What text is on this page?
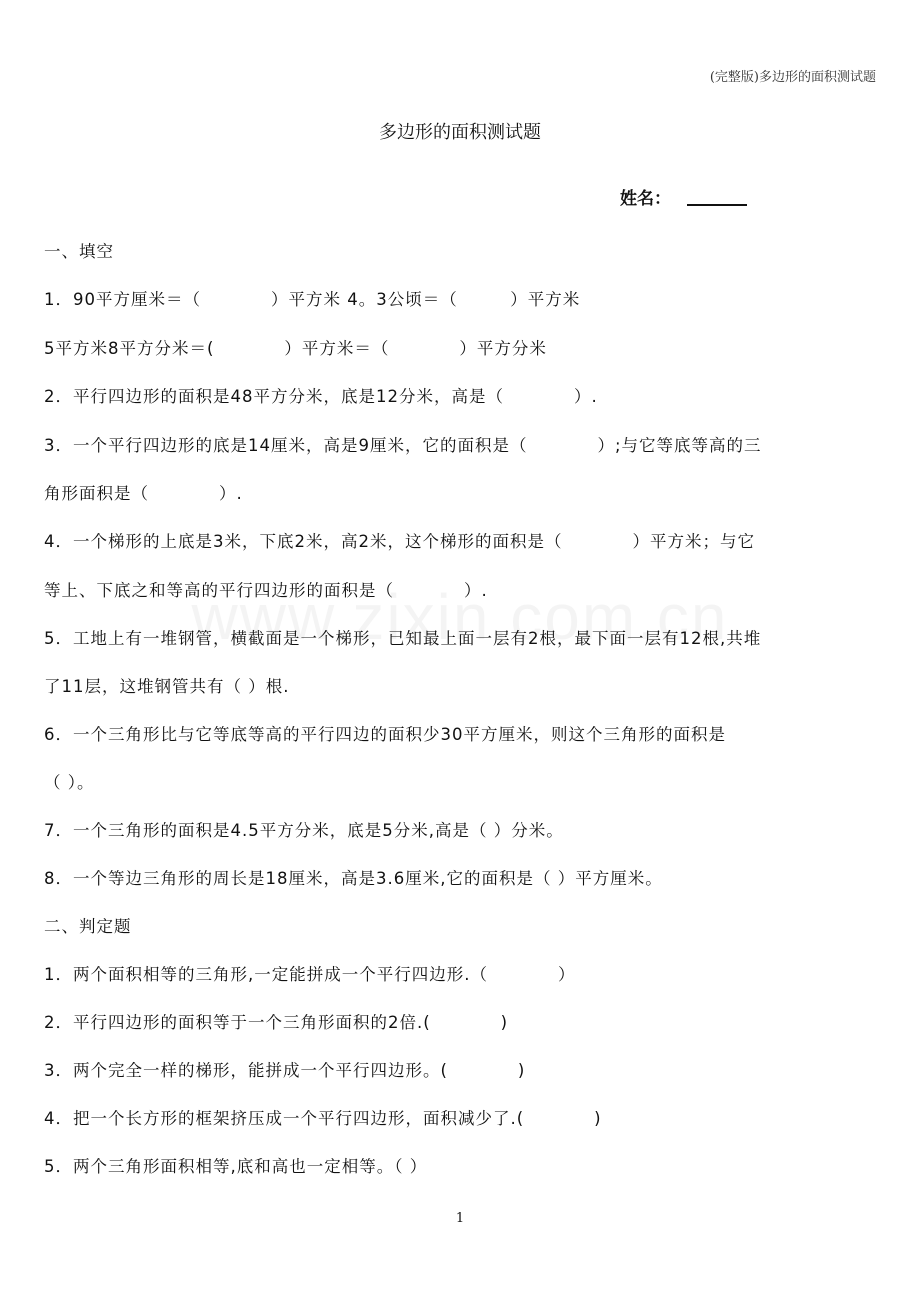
(完整版)多边形的面积测试题
多边形的面积测试题
姓名：
一、填空
1．90平方厘米＝（　　　　）平方米 4。3公顷＝（　　　）平方米
5平方米8平方分米＝(　　　　）平方米＝（　　　　）平方分米
2．平行四边形的面积是48平方分米，底是12分米，高是（　　　　）.
3．一个平行四边形的底是14厘米，高是9厘米，它的面积是（　　　　）;与它等底等高的三
角形面积是（　　　　）.
4．一个梯形的上底是3米，下底2米，高2米，这个梯形的面积是（　　　　）平方米；与它
等上、下底之和等高的平行四边形的面积是（　　　　）.
5．工地上有一堆钢管，横截面是一个梯形，已知最上面一层有2根，最下面一层有12根,共堆
了11层，这堆钢管共有（ ）根.
6．一个三角形比与它等底等高的平行四边的面积少30平方厘米，则这个三角形的面积是
（ ）。
7．一个三角形的面积是4.5平方分米，底是5分米,高是（ ）分米。
8．一个等边三角形的周长是18厘米，高是3.6厘米,它的面积是（ ）平方厘米。
二、判定题
1．两个面积相等的三角形,一定能拼成一个平行四边形.（　　　　）
2．平行四边形的面积等于一个三角形面积的2倍.(　　　　)
3．两个完全一样的梯形，能拼成一个平行四边形。(　　　　)
4．把一个长方形的框架挤压成一个平行四边形，面积减少了.(　　　　)
5．两个三角形面积相等,底和高也一定相等。（ ）
1
